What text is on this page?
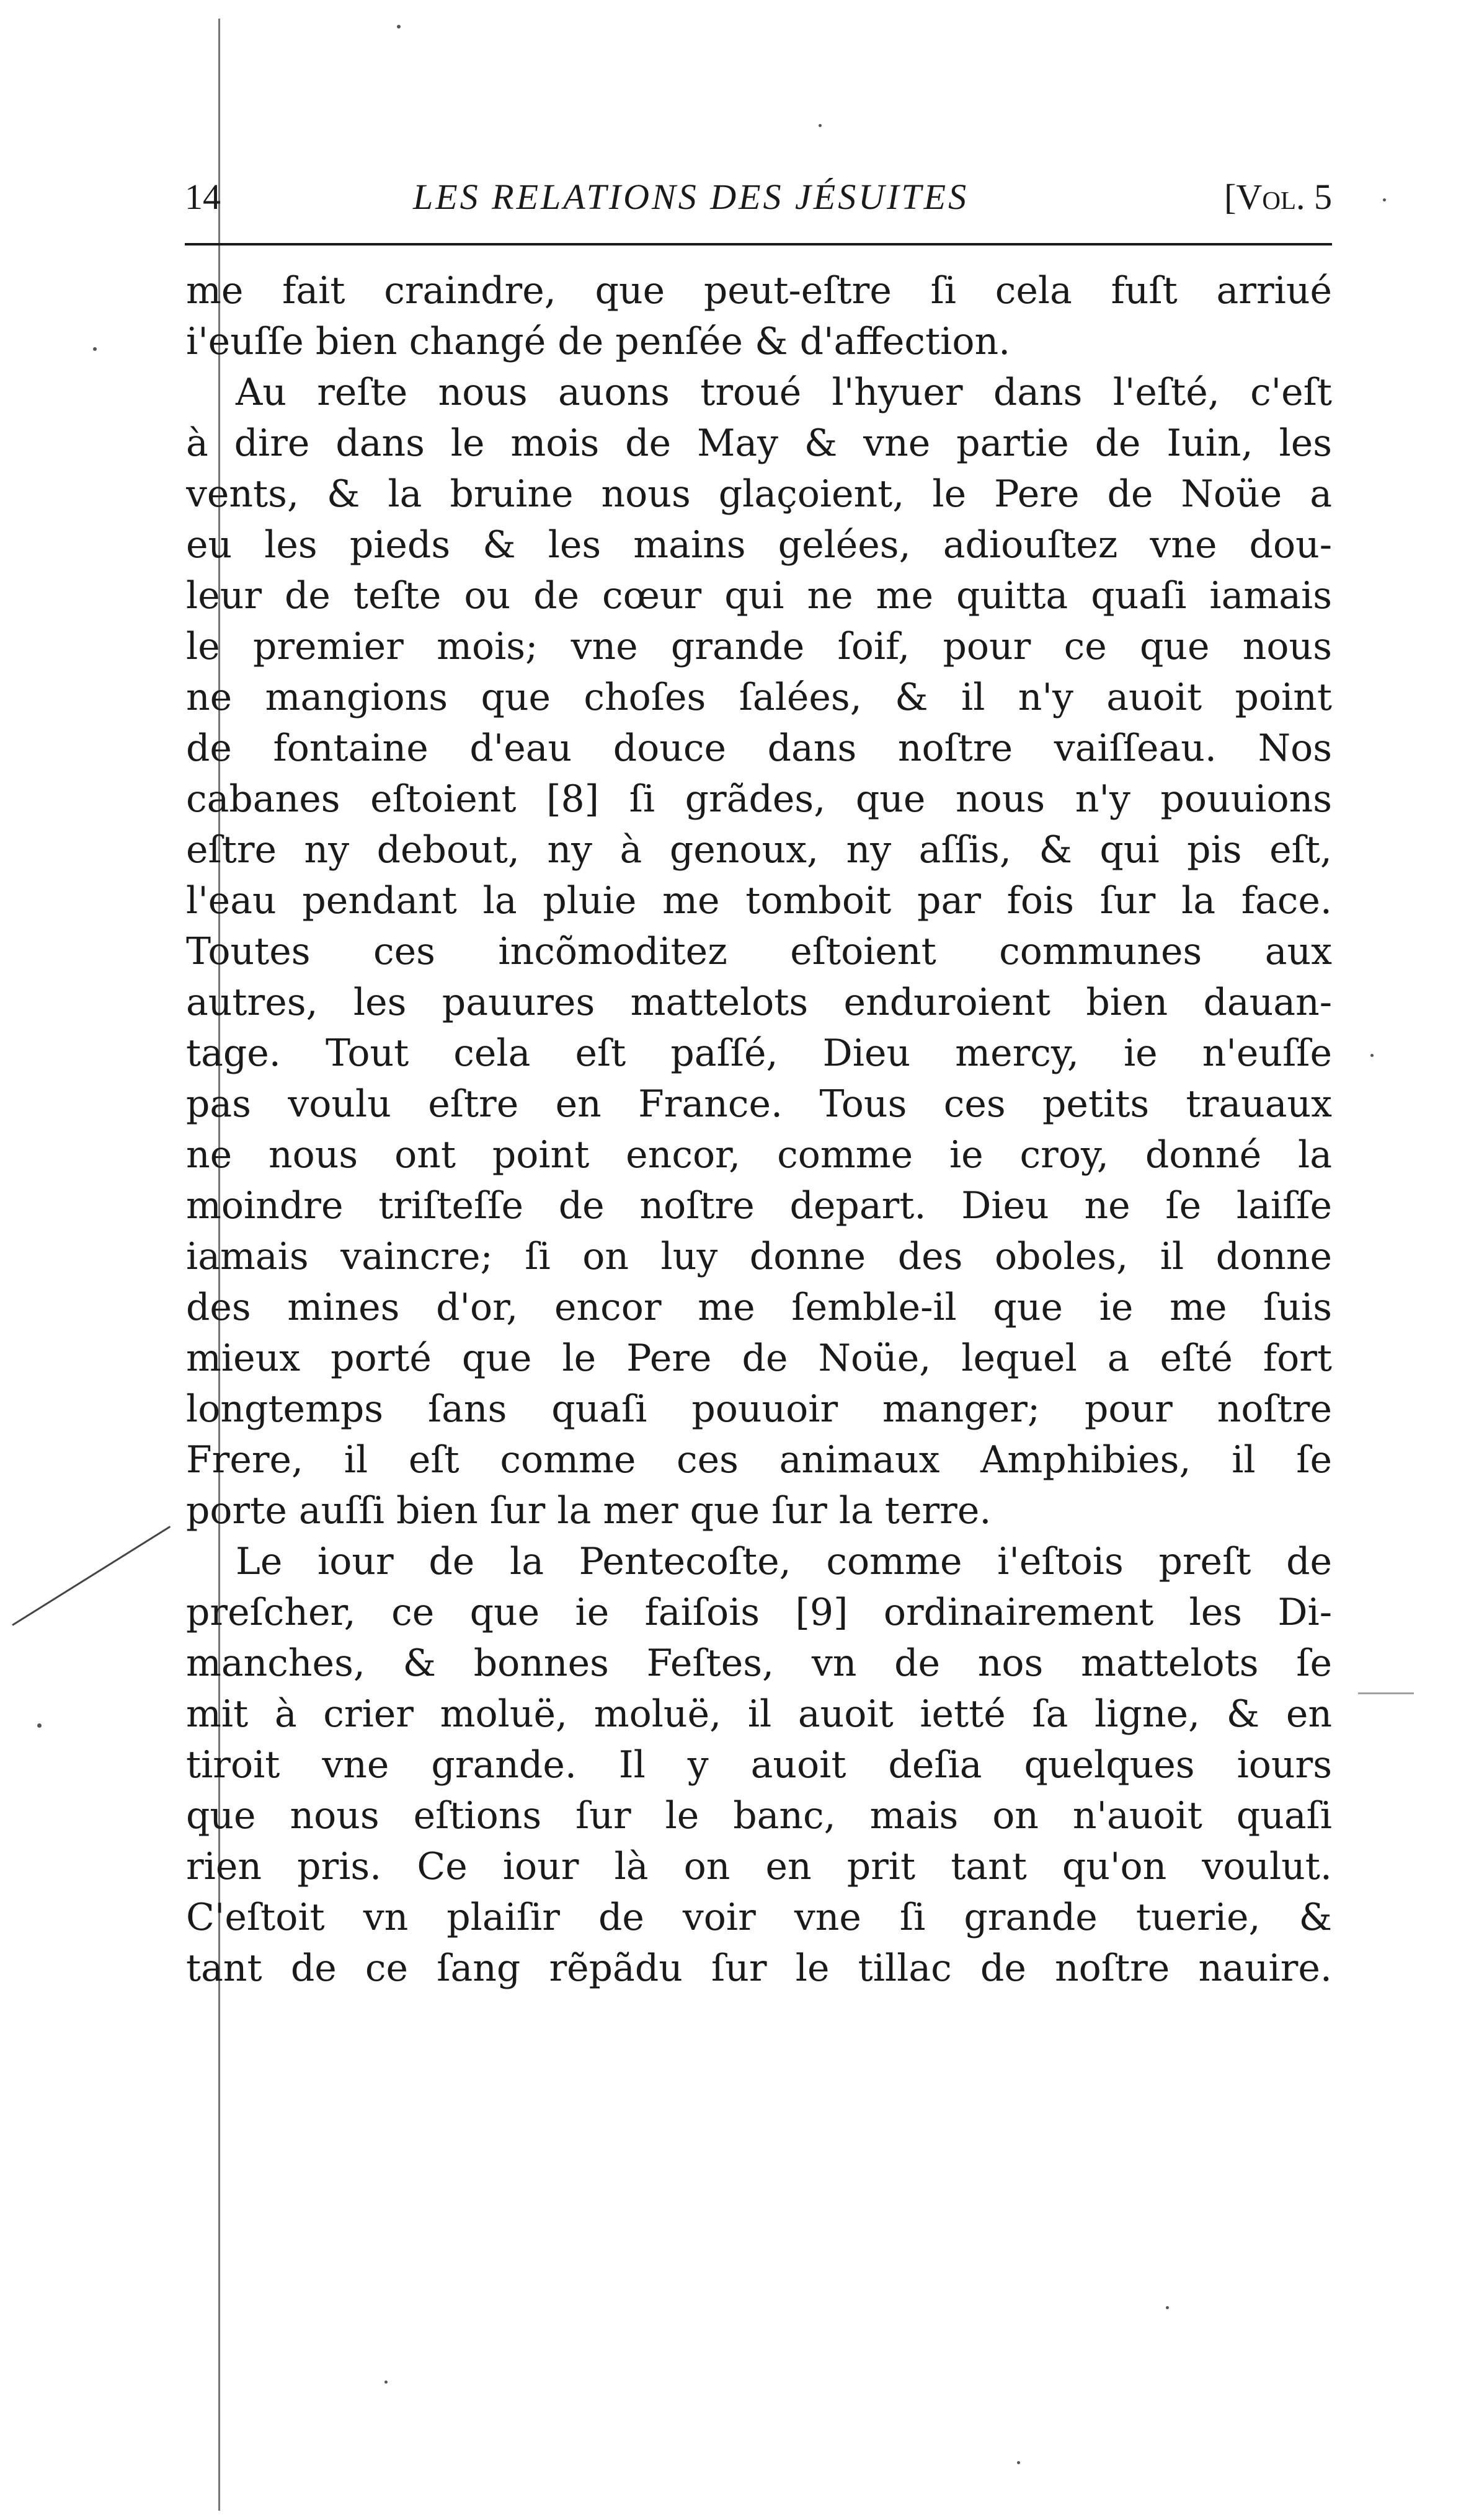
14	LES RELATIONS DES JÉSUITES	[Vol. 5
me fait craindre, que peut-eſtre ſi cela fuſt arriué
i'euſſe bien changé de penſée & d'affection.
Au reſte nous auons troué l'hyuer dans l'eſté, c'eſt
à dire dans le mois de May & vne partie de Iuin, les
vents, & la bruine nous glaçoient, le Pere de Noüe a
eu les pieds & les mains gelées, adiouſtez vne dou-
leur de teſte ou de cœur qui ne me quitta quaſi iamais
le premier mois; vne grande ſoif, pour ce que nous
ne mangions que choſes ſalées, & il n'y auoit point
de fontaine d'eau douce dans noſtre vaiſſeau. Nos
cabanes eſtoient [8] ſi grãdes, que nous n'y pouuions
eſtre ny debout, ny à genoux, ny aſſis, & qui pis eſt,
l'eau pendant la pluie me tomboit par fois ſur la face.
Toutes ces incõmoditez eſtoient communes aux
autres, les pauures mattelots enduroient bien dauan-
tage. Tout cela eſt paſſé, Dieu mercy, ie n'euſſe
pas voulu eſtre en France. Tous ces petits trauaux
ne nous ont point encor, comme ie croy, donné la
moindre triſteſſe de noſtre depart. Dieu ne ſe laiſſe
iamais vaincre; ſi on luy donne des oboles, il donne
des mines d'or, encor me ſemble-il que ie me ſuis
mieux porté que le Pere de Noüe, lequel a eſté fort
longtemps ſans quaſi pouuoir manger; pour noſtre
Frere, il eſt comme ces animaux Amphibies, il ſe
porte auſſi bien ſur la mer que ſur la terre.
Le iour de la Pentecoſte, comme i'eſtois preſt de
preſcher, ce que ie faiſois [9] ordinairement les Di-
manches, & bonnes Feſtes, vn de nos mattelots ſe
mit à crier moluë, moluë, il auoit ietté ſa ligne, & en
tiroit vne grande. Il y auoit deſia quelques iours
que nous eſtions ſur le banc, mais on n'auoit quaſi
rien pris. Ce iour là on en prit tant qu'on voulut.
C'eſtoit vn plaiſir de voir vne ſi grande tuerie, &
tant de ce ſang rẽpãdu ſur le tillac de noſtre nauire.
